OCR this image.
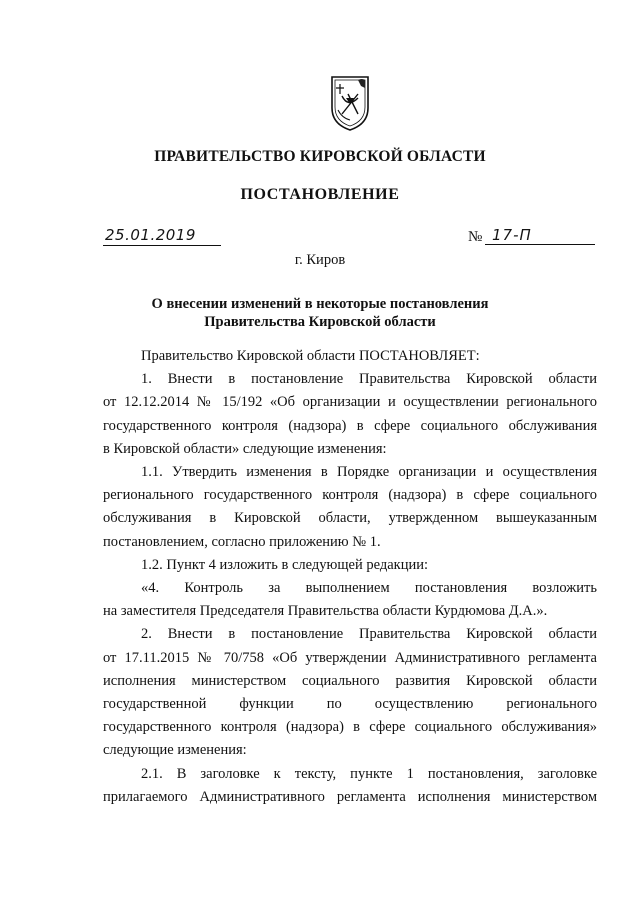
ПРАВИТЕЛЬСТВО КИРОВСКОЙ ОБЛАСТИ
ПОСТАНОВЛЕНИЕ
25.01.2019	№ 17-П
г. Киров
О внесении изменений в некоторые постановления
Правительства Кировской области

Правительство Кировской области ПОСТАНОВЛЯЕТ:

1. Внести в постановление Правительства Кировской области
от 12.12.2014 № 15/192 «Об организации и осуществлении регионального
государственного контроля (надзора) в сфере социального обслуживания
в Кировской области» следующие изменения:
1.1. Утвердить изменения в Порядке организации и осуществления
регионального государственного контроля (надзора) в сфере социального
обслуживания в Кировской области, утвержденном вышеуказанным
постановлением, согласно приложению № 1.

1.2. Пункт 4 изложить в следующей редакции:

«4. Контроль за выполнением постановления возложить
на заместителя Председателя Правительства области Курдюмова Д.А.».
2. Внести в постановление Правительства Кировской области
от 17.11.2015 № 70/758 «Об утверждении Административного регламента
исполнения министерством социального развития Кировской области
государственной функции по осуществлению регионального
государственного контроля (надзора) в сфере социального обслуживания»
следующие изменения:
2.1. В заголовке к тексту, пункте 1 постановления, заголовке
прилагаемого Административного регламента исполнения министерством
